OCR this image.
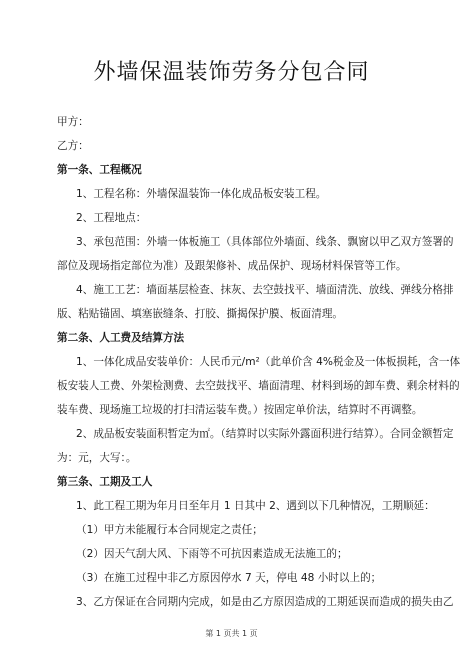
外墙保温装饰劳务分包合同
甲方：
乙方：
第一条、工程概况
1、工程名称：外墙保温装饰一体化成品板安装工程。
2、工程地点：
3、承包范围：外墙一体板施工（具体部位外墙面、线条、飘窗以甲乙双方签署的
部位及现场指定部位为准）及跟架修补、成品保护、现场材料保管等工作。
4、施工工艺：墙面基层检查、抹灰、去空鼓找平、墙面清洗、放线、弹线分格排
版、粘贴锚固、填塞嵌缝条、打胶、撕揭保护膜、板面清理。
第二条、人工费及结算方法
1、一体化成品安装单价：人民币元/m²（此单价含 4%税金及一体板损耗，含一体
板安装人工费、外架检测费、去空鼓找平、墙面清理、材料到场的卸车费、剩余材料的
装车费、现场施工垃圾的打扫清运装车费。）按固定单价法，结算时不再调整。
2、成品板安装面积暂定为㎡。（结算时以实际外露面积进行结算）。合同金额暂定
为：元，大写：。
第三条、工期及工人
1、此工程工期为年月日至年月 1 日其中 2、遇到以下几种情况，工期顺延：
（1）甲方未能履行本合同规定之责任；
（2）因天气刮大风、下雨等不可抗因素造成无法施工的；
（3）在施工过程中非乙方原因停水 7 天，停电 48 小时以上的；
3、乙方保证在合同期内完成，如是由乙方原因造成的工期延误而造成的损失由乙
第 1 页共 1 页
